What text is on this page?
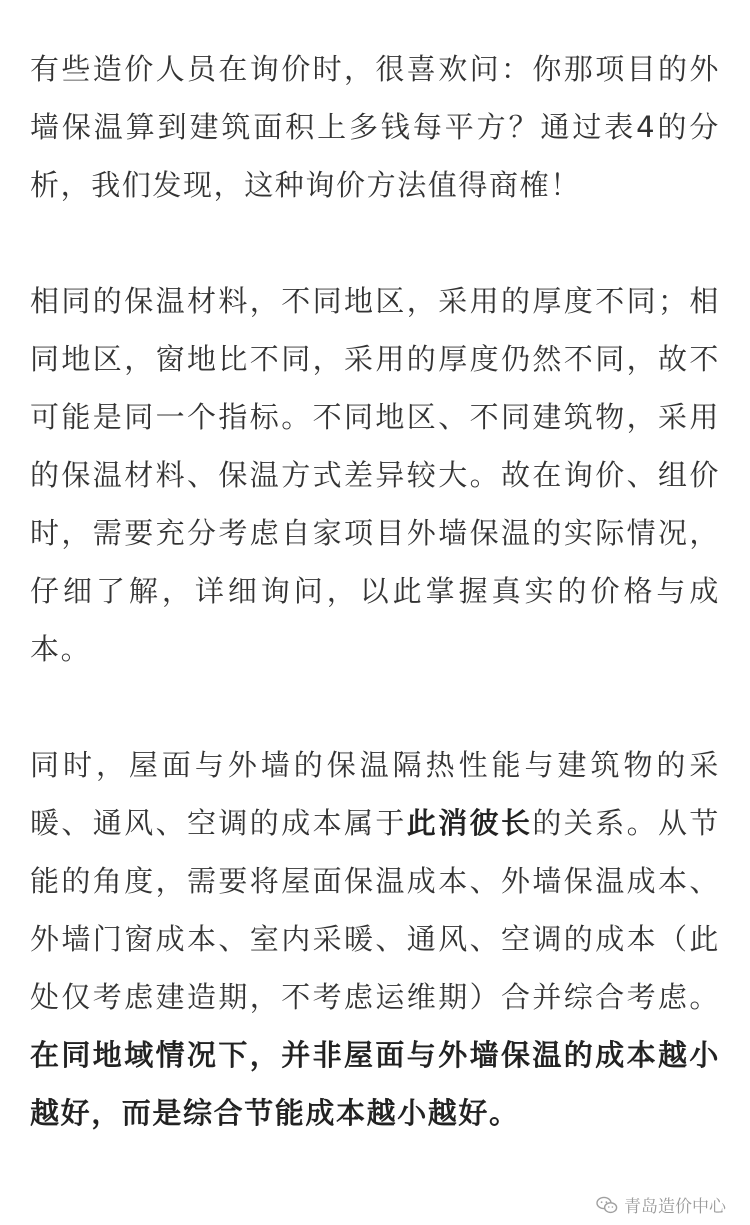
有些造价人员在询价时，很喜欢问：你那项目的外墙保温算到建筑面积上多钱每平方？通过表4的分析，我们发现，这种询价方法值得商榷！

相同的保温材料，不同地区，采用的厚度不同；相同地区，窗地比不同，采用的厚度仍然不同，故不可能是同一个指标。不同地区、不同建筑物，采用的保温材料、保温方式差异较大。故在询价、组价时，需要充分考虑自家项目外墙保温的实际情况，仔细了解，详细询问，以此掌握真实的价格与成本。

同时，屋面与外墙的保温隔热性能与建筑物的采暖、通风、空调的成本属于此消彼长的关系。从节能的角度，需要将屋面保温成本、外墙保温成本、外墙门窗成本、室内采暖、通风、空调的成本（此处仅考虑建造期，不考虑运维期）合并综合考虑。在同地域情况下，并非屋面与外墙保温的成本越小越好，而是综合节能成本越小越好。

青岛造价中心
